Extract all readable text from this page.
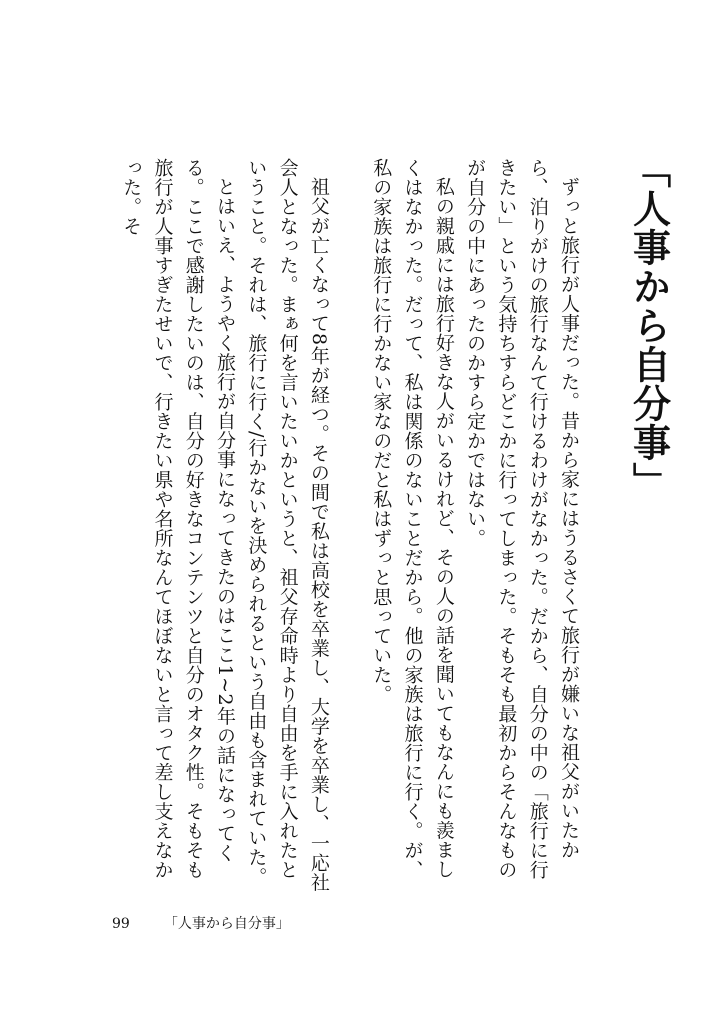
「人事から自分事」

ずっと旅行が人事だった。昔から家にはうるさくて旅行が嫌いな祖父がいたから、泊りがけの旅行なんて行けるわけがなかった。だから、自分の中の「旅行に行きたい」という気持ちすらどこかに行ってしまった。そもそも最初からそんなものが自分の中にあったのかすら定かではない。

私の親戚には旅行好きな人がいるけれど、その人の話を聞いてもなんにも羨ましくはなかった。だって、私は関係のないことだから。他の家族は旅行に行く。が、私の家族は旅行に行かない家なのだと私はずっと思っていた。

祖父が亡くなって8年が経つ。その間で私は高校を卒業し、大学を卒業し、一応社会人となった。まぁ何を言いたいかというと、祖父存命時より自由を手に入れたということ。それは、旅行に行く/行かないを決められるという自由も含まれていた。

とはいえ、ようやく旅行が自分事になってきたのはここ1~2年の話になってくる。ここで感謝したいのは、自分の好きなコンテンツと自分のオタク性。そもそも旅行が人事すぎたせいで、行きたい県や名所なんてほぼないと言って差し支えなかった。そ

99 「人事から自分事」
